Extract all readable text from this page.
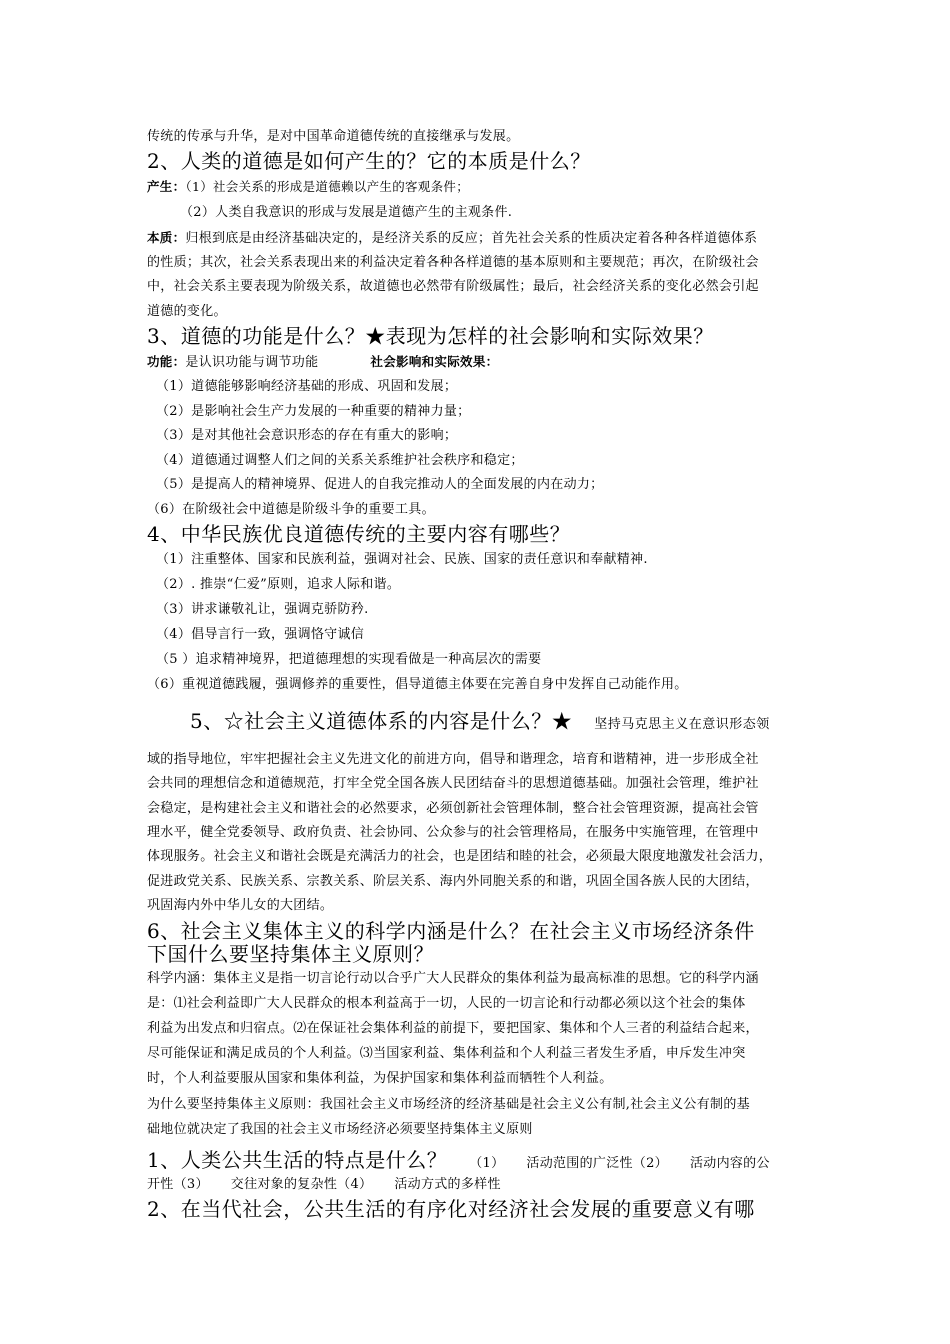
传统的传承与升华，是对中国革命道德传统的直接继承与发展。
2、人类的道德是如何产生的？它的本质是什么？
产生：（1）社会关系的形成是道德赖以产生的客观条件；
（2）人类自我意识的形成与发展是道德产生的主观条件.
本质：归根到底是由经济基础决定的，是经济关系的反应；首先社会关系的性质决定着各种各样道德体系
的性质；其次，社会关系表现出来的利益决定着各种各样道德的基本原则和主要规范；再次，在阶级社会
中，社会关系主要表现为阶级关系，故道德也必然带有阶级属性；最后，社会经济关系的变化必然会引起
道德的变化。
3、道德的功能是什么？★表现为怎样的社会影响和实际效果？
功能：是认识功能与调节功能	社会影响和实际效果：
（1）道德能够影响经济基础的形成、巩固和发展；
（2）是影响社会生产力发展的一种重要的精神力量；
（3）是对其他社会意识形态的存在有重大的影响；
（4）道德通过调整人们之间的关系关系维护社会秩序和稳定；
（5）是提高人的精神境界、促进人的自我完推动人的全面发展的内在动力；
（6）在阶级社会中道德是阶级斗争的重要工具。
4、中华民族优良道德传统的主要内容有哪些？
（1）注重整体、国家和民族利益，强调对社会、民族、国家的责任意识和奉献精神.
（2）. 推崇“仁爱”原则，追求人际和谐。
（3）讲求谦敬礼让，强调克骄防矜.
（4）倡导言行一致，强调恪守诚信
（5 ）追求精神境界，把道德理想的实现看做是一种高层次的需要
（6）重视道德践履，强调修养的重要性，倡导道德主体要在完善自身中发挥自己动能作用。
5、☆社会主义道德体系的内容是什么？★ 坚持马克思主义在意识形态领
域的指导地位，牢牢把握社会主义先进文化的前进方向，倡导和谐理念，培育和谐精神，进一步形成全社
会共同的理想信念和道德规范，打牢全党全国各族人民团结奋斗的思想道德基础。加强社会管理，维护社
会稳定，是构建社会主义和谐社会的必然要求，必须创新社会管理体制，整合社会管理资源，提高社会管
理水平，健全党委领导、政府负责、社会协同、公众参与的社会管理格局，在服务中实施管理，在管理中
体现服务。社会主义和谐社会既是充满活力的社会，也是团结和睦的社会，必须最大限度地激发社会活力，
促进政党关系、民族关系、宗教关系、阶层关系、海内外同胞关系的和谐，巩固全国各族人民的大团结，
巩固海内外中华儿女的大团结。
6、社会主义集体主义的科学内涵是什么？在社会主义市场经济条件
下国什么要坚持集体主义原则？
科学内涵：集体主义是指一切言论行动以合乎广大人民群众的集体利益为最高标准的思想。它的科学内涵
是：⑴社会利益即广大人民群众的根本利益高于一切，人民的一切言论和行动都必须以这个社会的集体
利益为出发点和归宿点。⑵在保证社会集体利益的前提下，要把国家、集体和个人三者的利益结合起来，
尽可能保证和满足成员的个人利益。⑶当国家利益、集体利益和个人利益三者发生矛盾，申斥发生冲突
时，个人利益要服从国家和集体利益，为保护国家和集体利益而牺牲个人利益。
为什么要坚持集体主义原则：我国社会主义市场经济的经济基础是社会主义公有制,社会主义公有制的基
础地位就决定了我国的社会主义市场经济必须要坚持集体主义原则
1、人类公共生活的特点是什么？ （1） 活动范围的广泛性（2） 活动内容的公
开性（3） 交往对象的复杂性（4） 活动方式的多样性
2、在当代社会，公共生活的有序化对经济社会发展的重要意义有哪
